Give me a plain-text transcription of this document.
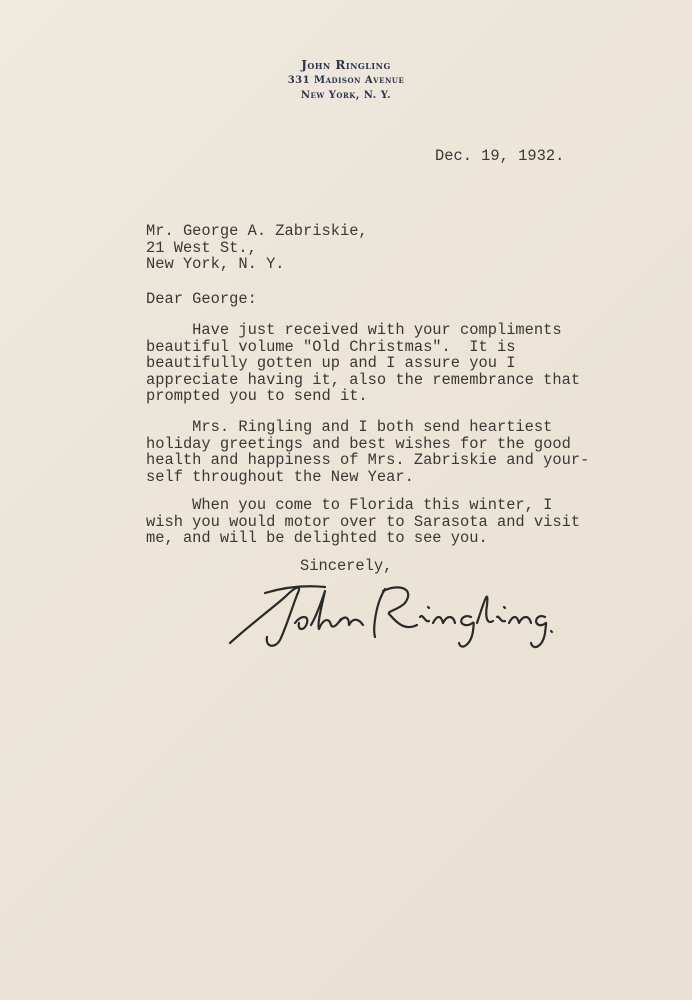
John Ringling
331 Madison Avenue
New York, N. Y.

Dec. 19, 1932.

Mr. George A. Zabriskie,
21 West St.,
New York, N. Y.

Dear George:

Have just received with your compliments
beautiful volume "Old Christmas".  It is
beautifully gotten up and I assure you I
appreciate having it, also the remembrance that
prompted you to send it.
Mrs. Ringling and I both send heartiest
holiday greetings and best wishes for the good
health and happiness of Mrs. Zabriskie and your-
self throughout the New Year.
When you come to Florida this winter, I
wish you would motor over to Sarasota and visit
me, and will be delighted to see you.

Sincerely,
